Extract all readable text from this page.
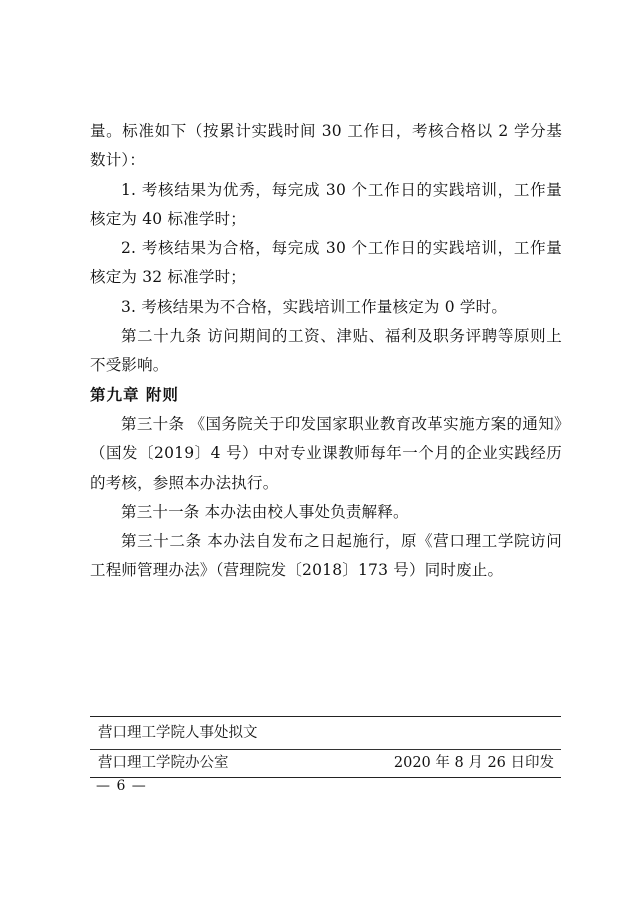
量。标准如下（按累计实践时间 30 工作日，考核合格以 2 学分基数计）：

1. 考核结果为优秀，每完成 30 个工作日的实践培训，工作量核定为 40 标准学时；

2. 考核结果为合格，每完成 30 个工作日的实践培训，工作量核定为 32 标准学时；

3. 考核结果为不合格，实践培训工作量核定为 0 学时。

第二十九条 访问期间的工资、津贴、福利及职务评聘等原则上不受影响。

第九章 附则

第三十条 《国务院关于印发国家职业教育改革实施方案的通知》（国发〔2019〕4 号）中对专业课教师每年一个月的企业实践经历的考核，参照本办法执行。

第三十一条 本办法由校人事处负责解释。

第三十二条 本办法自发布之日起施行，原《营口理工学院访问工程师管理办法》（营理院发〔2018〕173 号）同时废止。

营口理工学院人事处拟文
营口理工学院办公室	2020 年 8 月 26 日印发
— 6 —
